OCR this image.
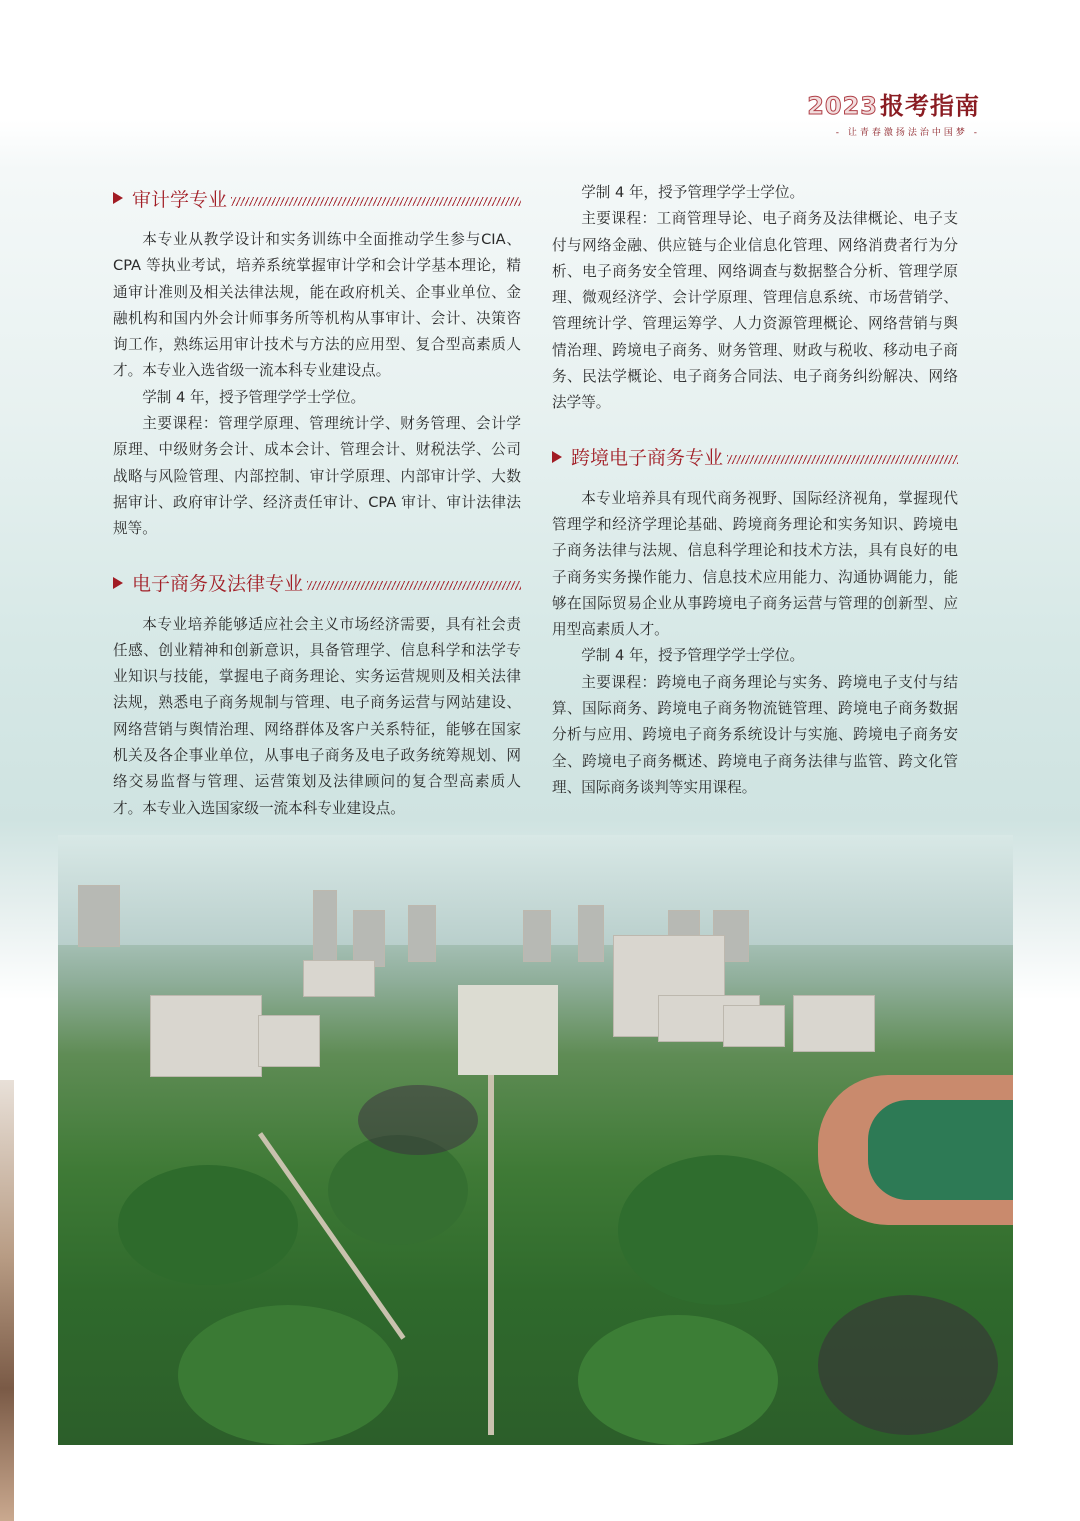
2023报考指南
- 让青春激扬法治中国梦 -
审计学专业

本专业从教学设计和实务训练中全面推动学生参与CIA、CPA 等执业考试，培养系统掌握审计学和会计学基本理论，精通审计准则及相关法律法规，能在政府机关、企事业单位、金融机构和国内外会计师事务所等机构从事审计、会计、决策咨询工作，熟练运用审计技术与方法的应用型、复合型高素质人才。本专业入选省级一流本科专业建设点。

学制 4 年，授予管理学学士学位。

主要课程：管理学原理、管理统计学、财务管理、会计学原理、中级财务会计、成本会计、管理会计、财税法学、公司战略与风险管理、内部控制、审计学原理、内部审计学、大数据审计、政府审计学、经济责任审计、CPA 审计、审计法律法规等。

电子商务及法律专业

本专业培养能够适应社会主义市场经济需要，具有社会责任感、创业精神和创新意识，具备管理学、信息科学和法学专业知识与技能，掌握电子商务理论、实务运营规则及相关法律法规，熟悉电子商务规制与管理、电子商务运营与网站建设、网络营销与舆情治理、网络群体及客户关系特征，能够在国家机关及各企事业单位，从事电子商务及电子政务统筹规划、网络交易监督与管理、运营策划及法律顾问的复合型高素质人才。本专业入选国家级一流本科专业建设点。

学制 4 年，授予管理学学士学位。

主要课程：工商管理导论、电子商务及法律概论、电子支付与网络金融、供应链与企业信息化管理、网络消费者行为分析、电子商务安全管理、网络调查与数据整合分析、管理学原理、微观经济学、会计学原理、管理信息系统、市场营销学、管理统计学、管理运筹学、人力资源管理概论、网络营销与舆情治理、跨境电子商务、财务管理、财政与税收、移动电子商务、民法学概论、电子商务合同法、电子商务纠纷解决、网络法学等。

跨境电子商务专业

本专业培养具有现代商务视野、国际经济视角，掌握现代管理学和经济学理论基础、跨境商务理论和实务知识、跨境电子商务法律与法规、信息科学理论和技术方法，具有良好的电子商务实务操作能力、信息技术应用能力、沟通协调能力，能够在国际贸易企业从事跨境电子商务运营与管理的创新型、应用型高素质人才。

学制 4 年，授予管理学学士学位。

主要课程：跨境电子商务理论与实务、跨境电子支付与结算、国际商务、跨境电子商务物流链管理、跨境电子商务数据分析与应用、跨境电子商务系统设计与实施、跨境电子商务安全、跨境电子商务概述、跨境电子商务法律与监管、跨文化管理、国际商务谈判等实用课程。
